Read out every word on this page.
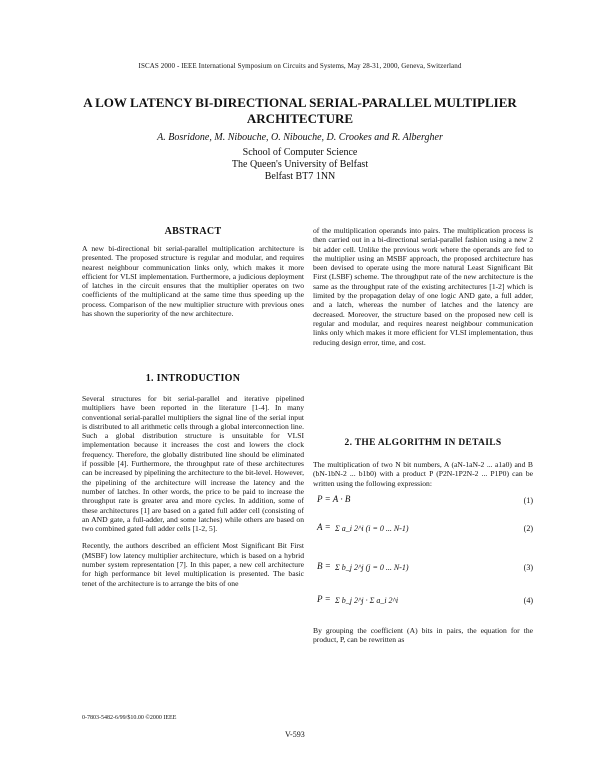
ISCAS 2000 - IEEE International Symposium on Circuits and Systems, May 28-31, 2000, Geneva, Switzerland
A LOW LATENCY BI-DIRECTIONAL SERIAL-PARALLEL MULTIPLIER ARCHITECTURE
A. Bosridone, M. Nibouche, O. Nibouche, D. Crookes and R. Albergher
School of Computer Science
The Queen's University of Belfast
Belfast BT7 1NN
ABSTRACT

A new bi-directional bit serial-parallel multiplication architecture is presented. The proposed structure is regular and modular, and requires nearest neighbour communication links only, which makes it more efficient for VLSI implementation. Furthermore, a judicious deployment of latches in the circuit ensures that the multiplier operates on two coefficients of the multiplicand at the same time thus speeding up the process. Comparison of the new multiplier structure with previous ones has shown the superiority of the new architecture.

1. INTRODUCTION

Several structures for bit serial-parallel and iterative pipelined multipliers have been reported in the literature [1-4]. In many conventional serial-parallel multipliers the signal line of the serial input is distributed to all arithmetic cells through a global interconnection line. Such a global distribution structure is unsuitable for VLSI implementation because it increases the cost and lowers the clock frequency. Therefore, the globally distributed line should be eliminated if possible [4]. Furthermore, the throughput rate of these architectures can be increased by pipelining the architecture to the bit-level. However, the pipelining of the architecture will increase the latency and the number of latches. In other words, the price to be paid to increase the throughput rate is greater area and more cycles. In addition, some of these architectures [1] are based on a gated full adder cell (consisting of an AND gate, a full-adder, and some latches) while others are based on two combined gated full adder cells [1-2, 5].

Recently, the authors described an efficient Most Significant Bit First (MSBF) low latency multiplier architecture, which is based on a hybrid number system representation [7]. In this paper, a new cell architecture for high performance bit level multiplication is presented. The basic tenet of the architecture is to arrange the bits of one

of the multiplication operands into pairs. The multiplication process is then carried out in a bi-directional serial-parallel fashion using a new 2 bit adder cell. Unlike the previous work where the operands are fed to the multiplier using an MSBF approach, the proposed architecture has been devised to operate using the more natural Least Significant Bit First (LSBF) scheme. The throughput rate of the new architecture is the same as the throughput rate of the existing architectures [1-2] which is limited by the propagation delay of one logic AND gate, a full adder, and a latch, whereas the number of latches and the latency are decreased. Moreover, the structure based on the proposed new cell is regular and modular, and requires nearest neighbour communication links only which makes it more efficient for VLSI implementation, thus reducing design error, time, and cost.

2. THE ALGORITHM IN DETAILS

The multiplication of two N bit numbers, A (aN-1aN-2 ... a1a0) and B (bN-1bN-2 ... b1b0) with a product P (P2N-1P2N-2 ... P1P0) can be written using the following expression:

P = A · B	(1)
A = Σ a_i 2^i (i = 0 ... N-1)	(2)
B = Σ b_j 2^j (j = 0 ... N-1)	(3)
P = Σ b_j 2^j · Σ a_i 2^i	(4)

By grouping the coefficient (A) bits in pairs, the equation for the product, P, can be rewritten as

0-7803-5482-6/99/$10.00 ©2000 IEEE
V-593
